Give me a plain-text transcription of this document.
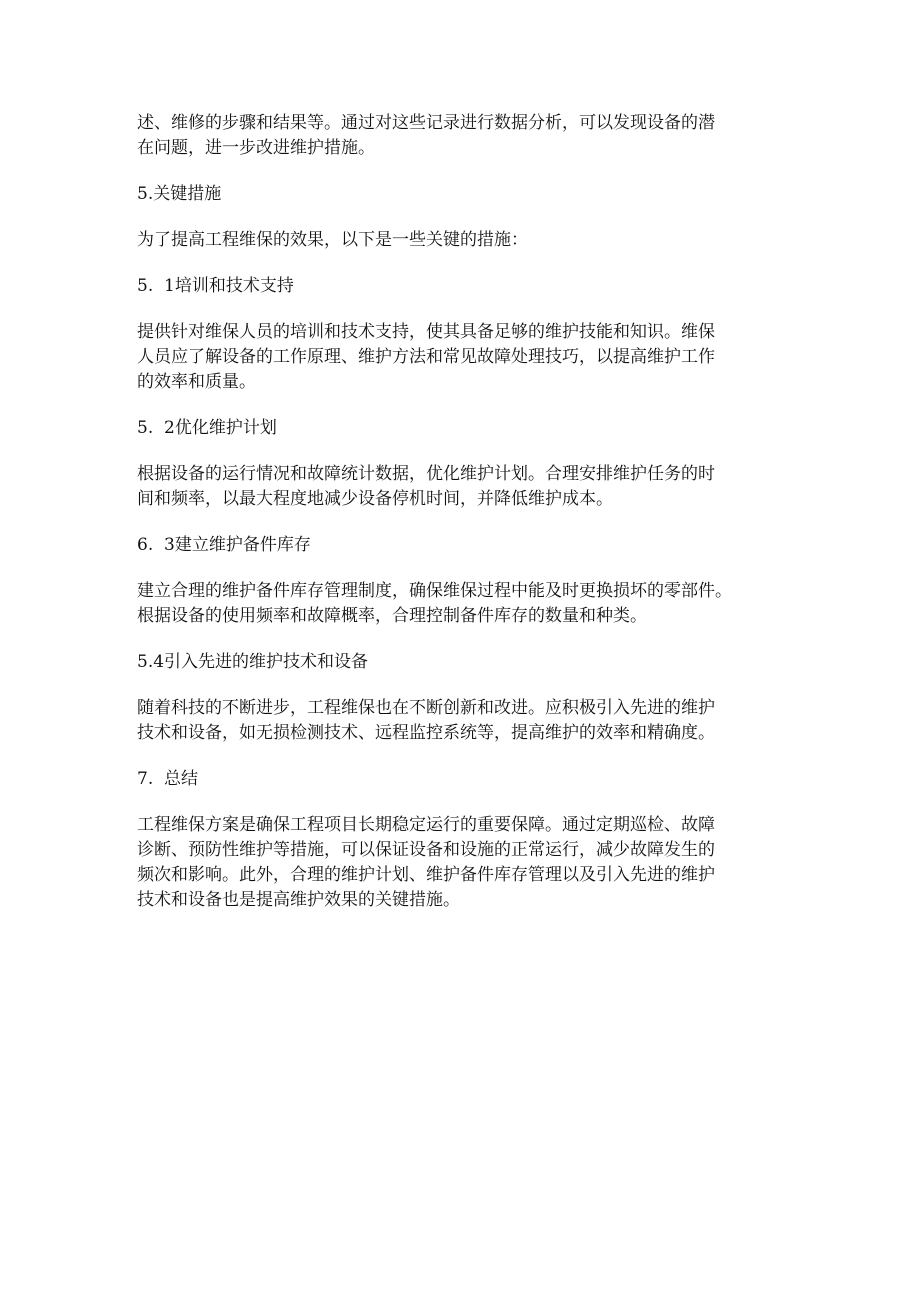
述、维修的步骤和结果等。通过对这些记录进行数据分析，可以发现设备的潜
在问题，进一步改进维护措施。

5.关键措施

为了提高工程维保的效果，以下是一些关键的措施：

5.  1培训和技术支持

提供针对维保人员的培训和技术支持，使其具备足够的维护技能和知识。维保
人员应了解设备的工作原理、维护方法和常见故障处理技巧，以提高维护工作
的效率和质量。

5.  2优化维护计划

根据设备的运行情况和故障统计数据，优化维护计划。合理安排维护任务的时
间和频率，以最大程度地减少设备停机时间，并降低维护成本。

6.  3建立维护备件库存

建立合理的维护备件库存管理制度，确保维保过程中能及时更换损坏的零部件。
根据设备的使用频率和故障概率，合理控制备件库存的数量和种类。

5.4引入先进的维护技术和设备

随着科技的不断进步，工程维保也在不断创新和改进。应积极引入先进的维护
技术和设备，如无损检测技术、远程监控系统等，提高维护的效率和精确度。

7.  总结

工程维保方案是确保工程项目长期稳定运行的重要保障。通过定期巡检、故障
诊断、预防性维护等措施，可以保证设备和设施的正常运行，减少故障发生的
频次和影响。此外，合理的维护计划、维护备件库存管理以及引入先进的维护
技术和设备也是提高维护效果的关键措施。
